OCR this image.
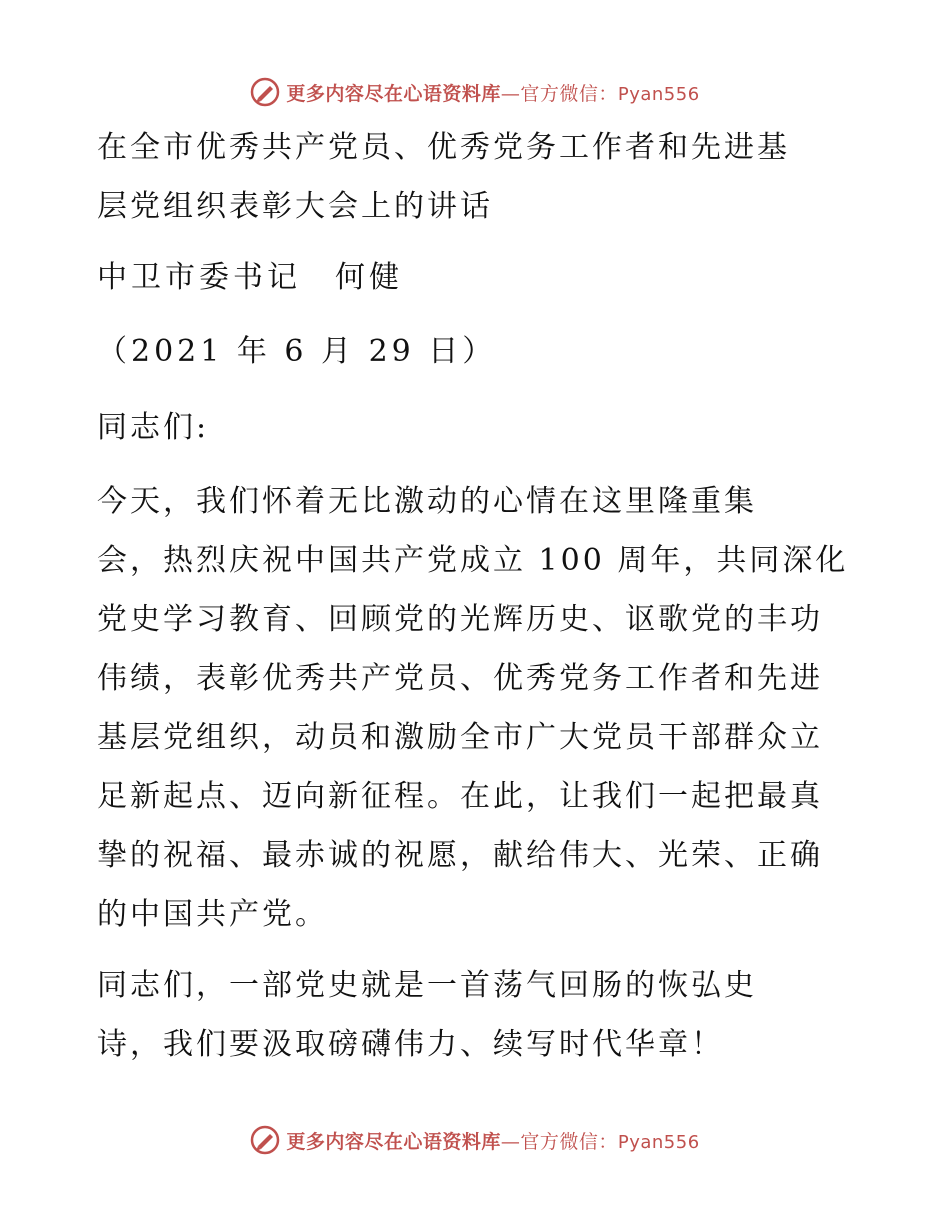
更多内容尽在心语资料库—官方微信：Pyan556
在全市优秀共产党员、优秀党务工作者和先进基
层党组织表彰大会上的讲话
中卫市委书记　何健
（2021 年 6 月 29 日）
同志们:
今天，我们怀着无比激动的心情在这里隆重集
会，热烈庆祝中国共产党成立 100 周年，共同深化
党史学习教育、回顾党的光辉历史、讴歌党的丰功
伟绩，表彰优秀共产党员、优秀党务工作者和先进
基层党组织，动员和激励全市广大党员干部群众立
足新起点、迈向新征程。在此，让我们一起把最真
挚的祝福、最赤诚的祝愿，献给伟大、光荣、正确
的中国共产党。
同志们，一部党史就是一首荡气回肠的恢弘史
诗，我们要汲取磅礴伟力、续写时代华章！
更多内容尽在心语资料库—官方微信：Pyan556
